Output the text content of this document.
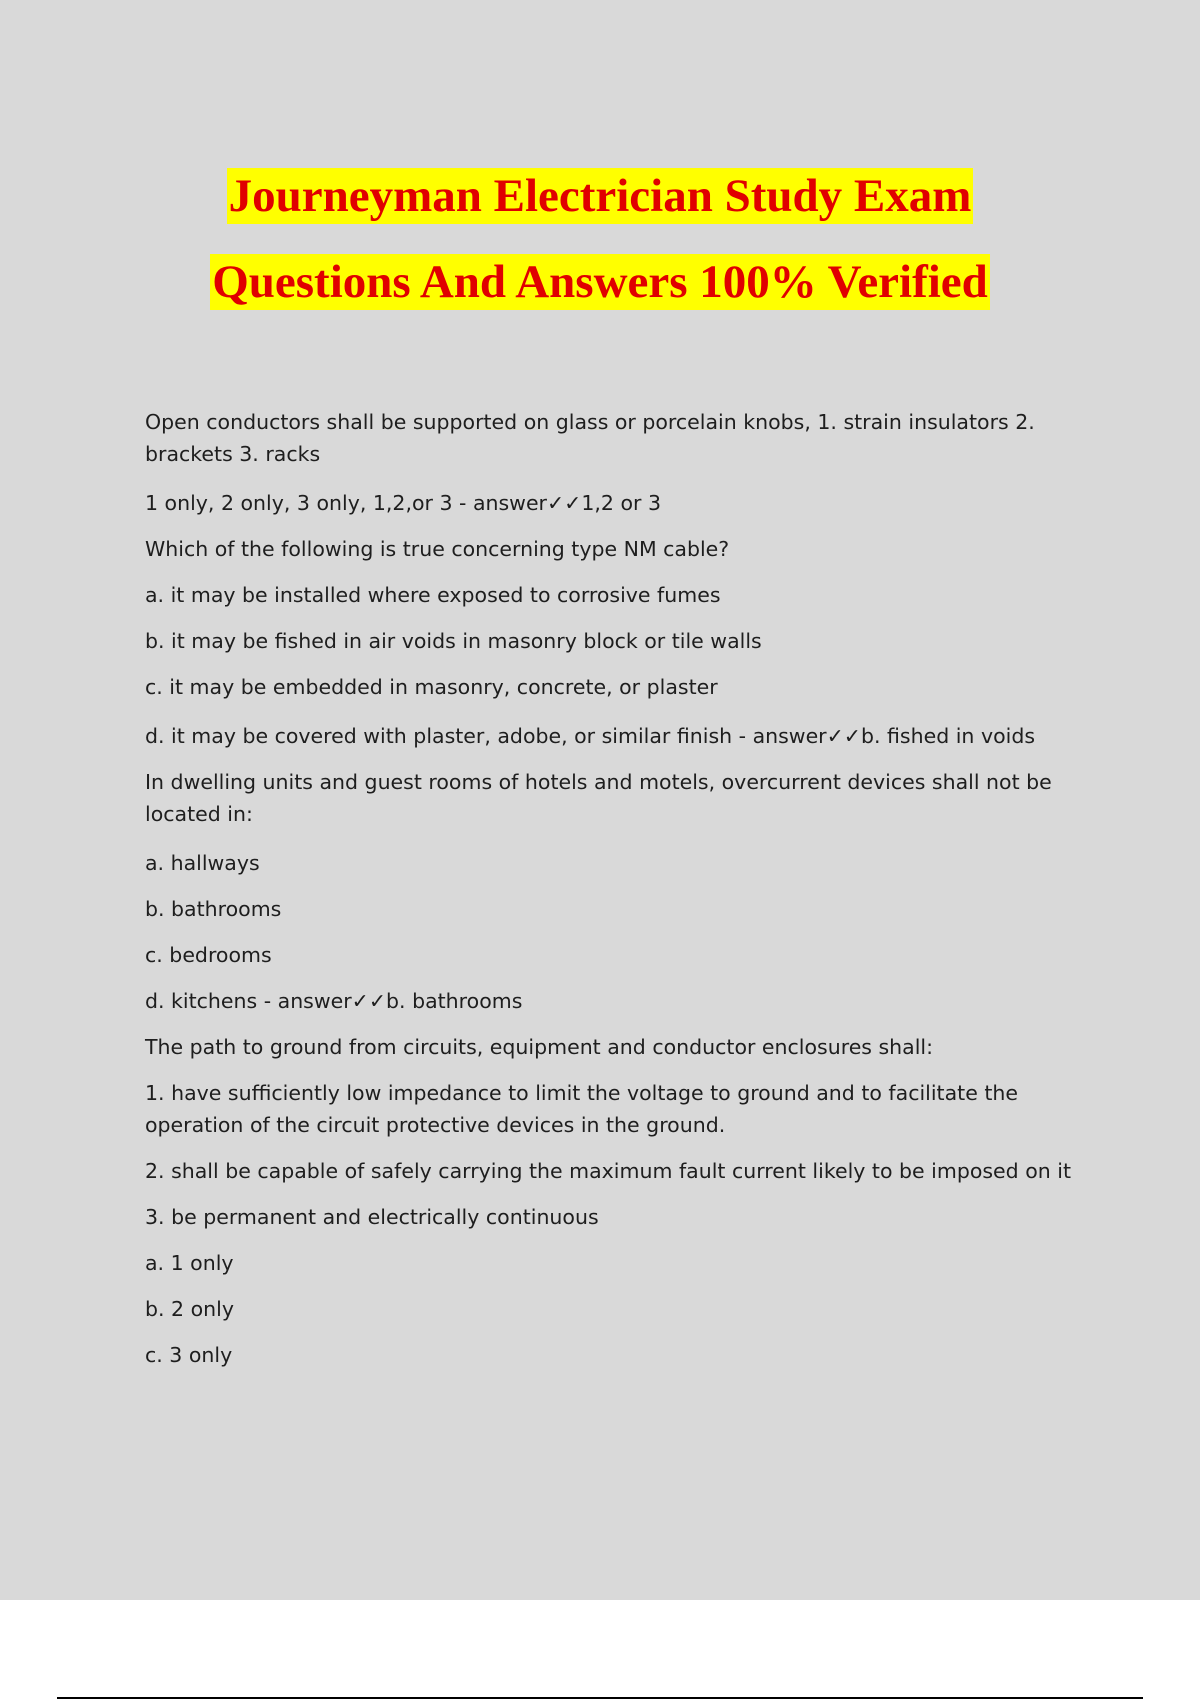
Journeyman Electrician Study Exam
Questions And Answers 100% Verified

Open conductors shall be supported on glass or porcelain knobs, 1. strain insulators 2. brackets 3. racks

1 only, 2 only, 3 only, 1,2,or 3 - answer✓✓1,2 or 3

Which of the following is true concerning type NM cable?

a. it may be installed where exposed to corrosive fumes

b. it may be fished in air voids in masonry block or tile walls

c. it may be embedded in masonry, concrete, or plaster

d. it may be covered with plaster, adobe, or similar finish - answer✓✓b. fished in voids

In dwelling units and guest rooms of hotels and motels, overcurrent devices shall not be located in:

a. hallways

b. bathrooms

c. bedrooms

d. kitchens - answer✓✓b. bathrooms

The path to ground from circuits, equipment and conductor enclosures shall:

1. have sufficiently low impedance to limit the voltage to ground and to facilitate the operation of the circuit protective devices in the ground.

2. shall be capable of safely carrying the maximum fault current likely to be imposed on it

3. be permanent and electrically continuous

a. 1 only

b. 2 only

c. 3 only
